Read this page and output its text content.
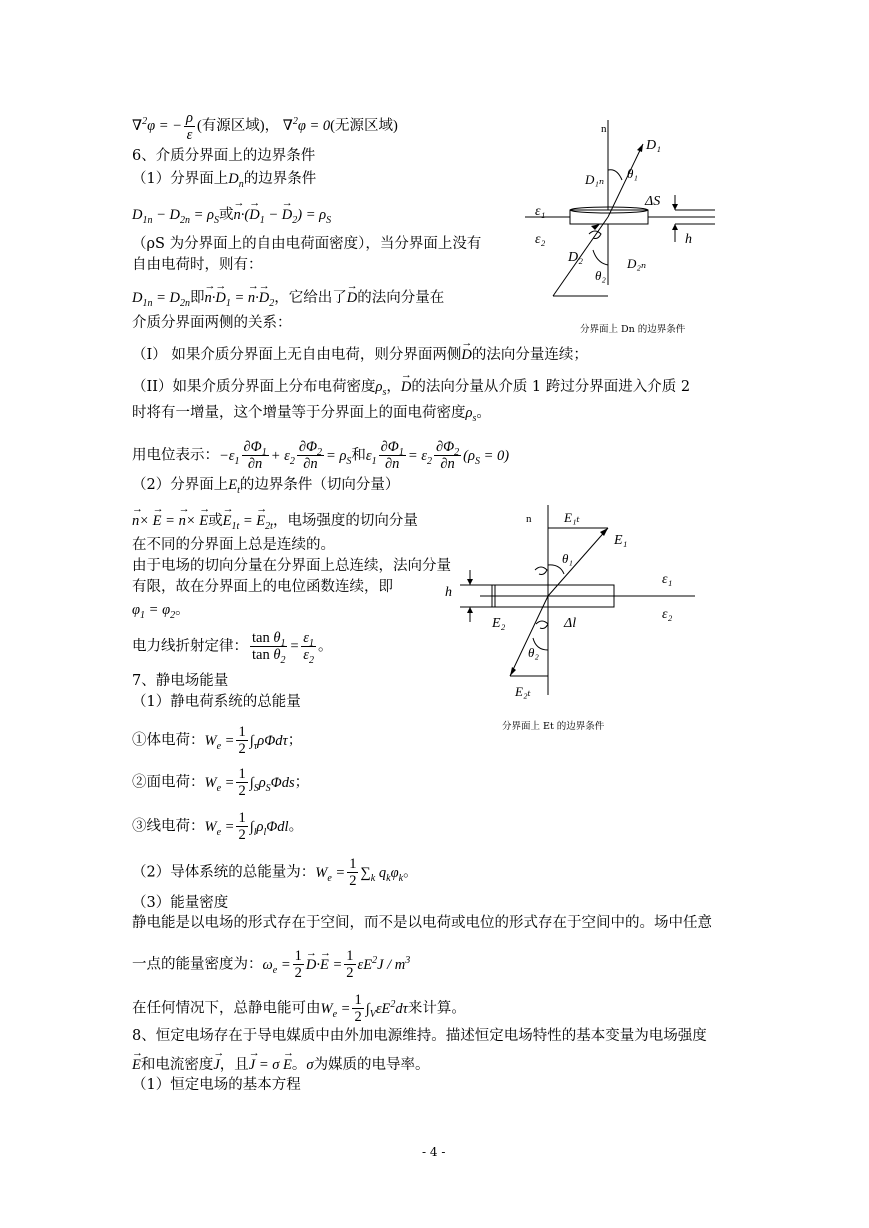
∇$^2$φ = − $\frac{\rho}{\varepsilon}$ (有源区域)， ∇$^2$φ = 0(无源区域)
6、介质分界面上的边界条件
（1）分界面上$D_n$的边界条件
$D_{1n} - D_{2n} = \rho_S$或→ $n\cdot(\to D_1$ − → $D_2) = \rho_S$
（ρS 为分界面上的自由电荷面密度），当分界面上没有
自由电荷时，则有：
$D_{1n} = D_{2n}$即→ $n\cdot\to D_1$ = → $n\cdot\to D_2$，它给出了→ D的法向分量在
介质分界面两侧的关系：
（I） 如果介质分界面上无自由电荷，则分界面两侧→ D的法向分量连续；
（II）如果介质分界面上分布电荷密度$\rho_s$，→ D的法向分量从介质 1 跨过分界面进入介质 2
时将有一增量，这个增量等于分界面上的面电荷密度$\rho_s$。
用电位表示：$-\varepsilon_1 \frac{\partial\Phi_1}{\partial n} + \varepsilon_2 \frac{\partial\Phi_2}{\partial n} = \rho_S$和$\varepsilon_1 \frac{\partial\Phi_1}{\partial n} = \varepsilon_2 \frac{\partial\Phi_2}{\partial n} (\rho_S = 0)$
（2）分界面上$E_t$的边界条件（切向分量）
→ n× → E = → n× → E或→ $E_{1t}$ = → $E_{2t}$，电场强度的切向分量
在不同的分界面上总是连续的。
由于电场的切向分量在分界面上总连续，法向分量
有限，故在分界面上的电位函数连续，即
$\varphi_1 = \varphi_2$。
电力线折射定律： $\frac{\tan \theta_1}{\tan \theta_2} = \frac{\varepsilon_1}{\varepsilon_2}$ 。
7、静电场能量
（1）静电荷系统的总能量
①体电荷：$W_e = \frac{1}{2} \int_\tau\rho\Phi d\tau$；
②面电荷：$W_e = \frac{1}{2} \int_S\rho_S\Phi ds$；
③线电荷：$W_e = \frac{1}{2} \int_l\rho_l\Phi dl$。
（2）导体系统的总能量为：$W_e = \frac{1}{2} \sum_k$ $q_k\varphi_k$。
（3）能量密度
静电能是以电场的形式存在于空间，而不是以电荷或电位的形式存在于空间中的。场中任意
一点的能量密度为：$\omega_e = \frac{1}{2}$
→ $D\cdot\to E = \frac{1}{2} \varepsilon E^2J / m^3$
在任何情况下，总静电能可由$W_e = \frac{1}{2} \int_V\varepsilon E^2d\tau$来计算。
8、恒定电场存在于导电媒质中由外加电源维持。描述恒定电场特性的基本变量为电场强度
→ E和电流密度→ J，且→ J = σ → E。σ为媒质的电导率。
（1）恒定电场的基本方程
- 4 -
n
D₁
θ₁
D₁ₙ
ΔS
ε₁
ε₂	h
D₂
θ₂
D₂ₙ
分界面上 Dn 的边界条件
n	E₁ₜ
E₁
θ₁
ε₁
h
ε₂
E₂	Δl
θ₂
E₂ₜ
分界面上 Et 的边界条件
